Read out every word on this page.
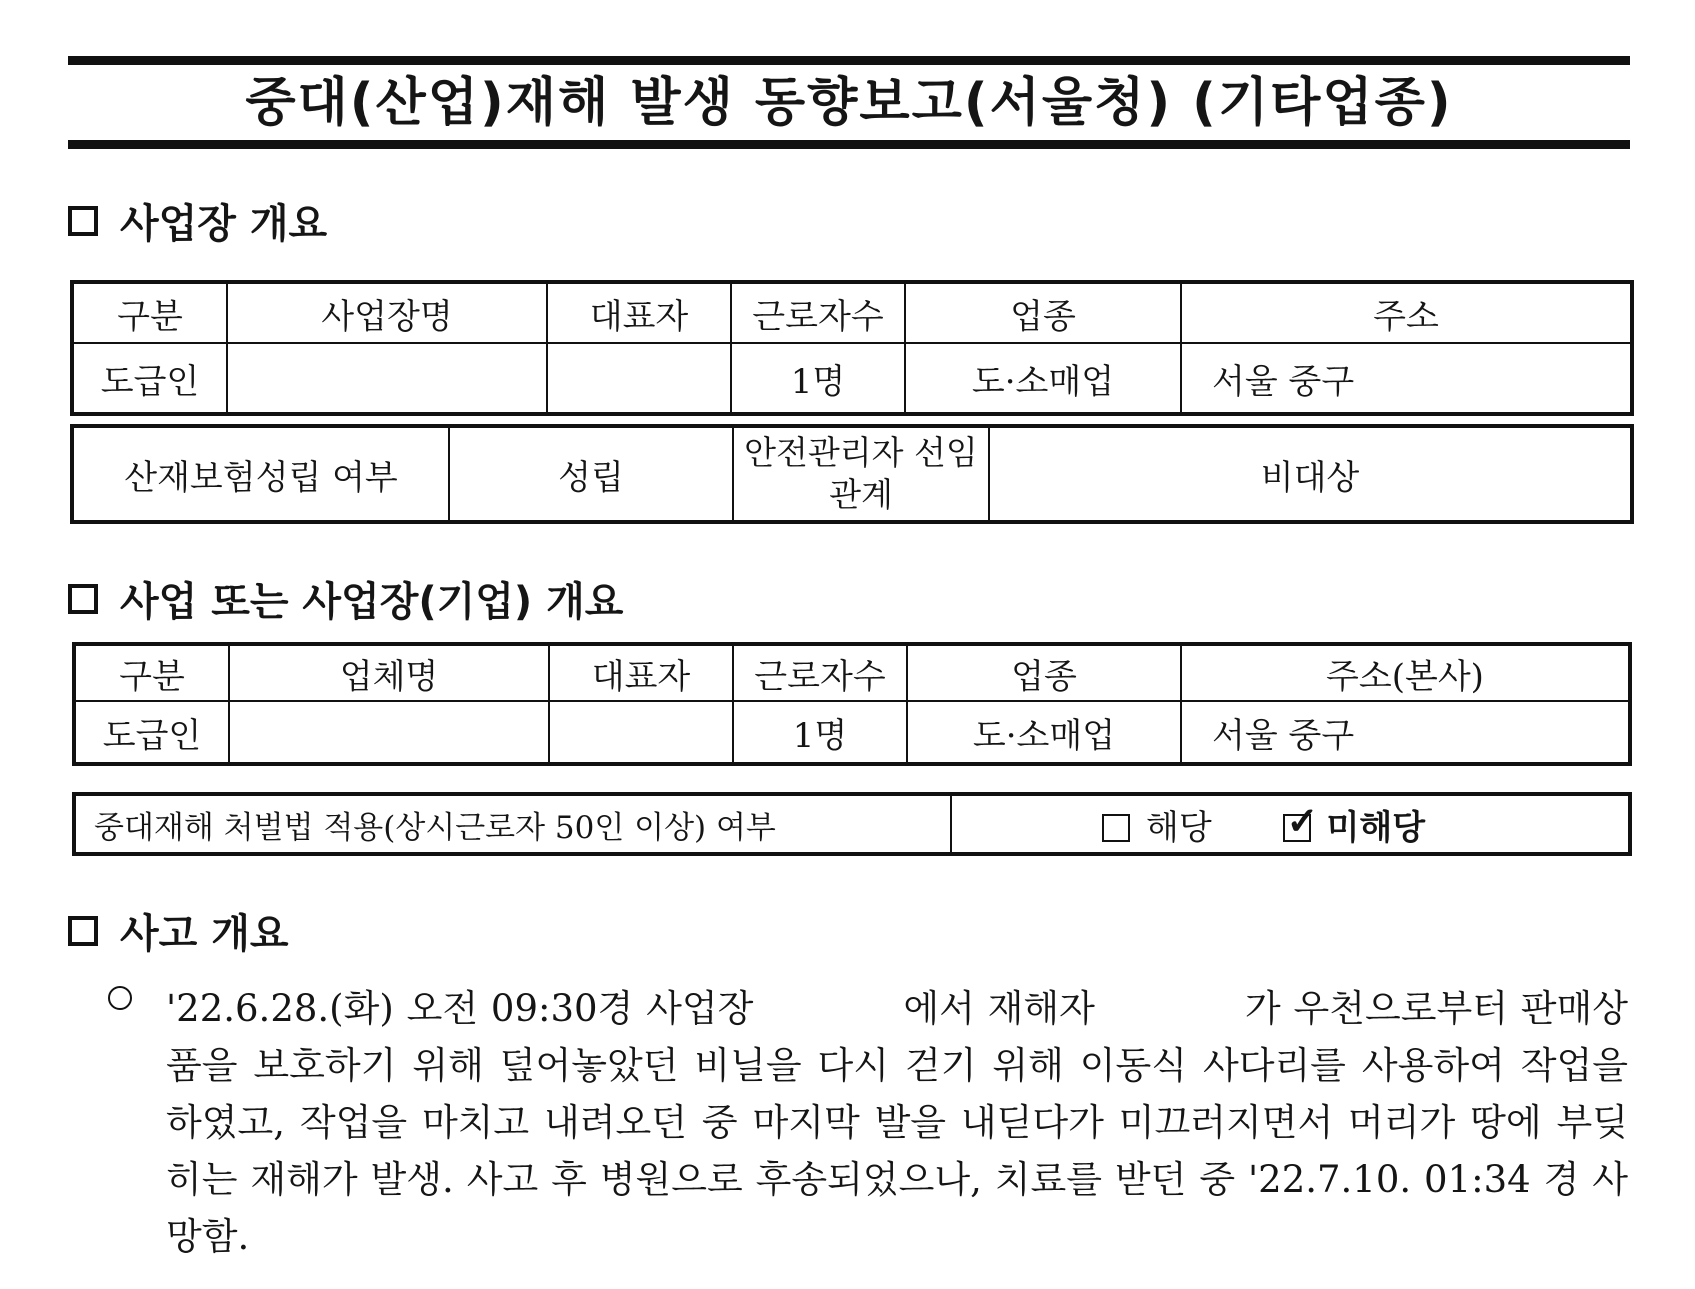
중대(산업)재해 발생 동향보고(서울청) (기타업종)
사업장 개요
구분	사업장명	대표자	근로자수	업종	주소
도급인			1명	도·소매업	서울 중구
산재보험성립 여부	성립	안전관리자 선임 관계	비대상
사업 또는 사업장(기업) 개요
구분	업체명	대표자	근로자수	업종	주소(본사)
도급인			1명	도·소매업	서울 중구
중대재해 처벌법 적용(상시근로자 50인 이상) 여부	해당 ✓ 미해당
사고 개요
'22.6.28.(화) 오전 09:30경 사업장	에서 재해자	가 우천으로부터 판매상품을 보호하기 위해 덮어놓았던 비닐을 다시 걷기 위해 이동식 사다리를 사용하여 작업을 하였고, 작업을 마치고 내려오던 중 마지막 발을 내딛다가 미끄러지면서 머리가 땅에 부딪히는 재해가 발생. 사고 후 병원으로 후송되었으나, 치료를 받던 중 '22.7.10. 01:34 경 사망함.
